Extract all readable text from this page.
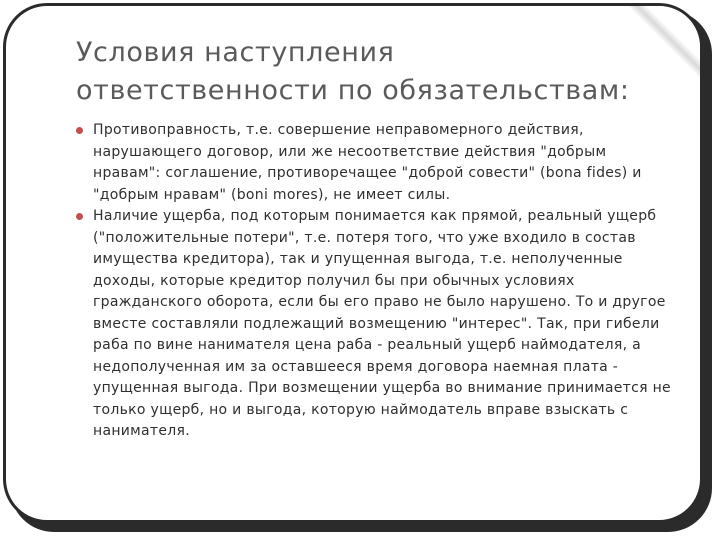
Условия наступления
ответственности по обязательствам:
Противоправность, т.е. совершение неправомерного действия, нарушающего договор, или же несоответствие действия "добрым нравам": соглашение, противоречащее "доброй совести" (bona fides) и "добрым нравам" (boni mores), не имеет силы.
Наличие ущерба, под которым понимается как прямой, реальный ущерб ("положительные потери", т.е. потеря того, что уже входило в состав имущества кредитора), так и упущенная выгода, т.е. неполученные доходы, которые кредитор получил бы при обычных условиях гражданского оборота, если бы его право не было нарушено. То и другое вместе составляли подлежащий возмещению "интерес". Так, при гибели раба по вине нанимателя цена раба - реальный ущерб наймодателя, а недополученная им за оставшееся время договора наемная плата - упущенная выгода. При возмещении ущерба во внимание принимается не только ущерб, но и выгода, которую наймодатель вправе взыскать с нанимателя.
